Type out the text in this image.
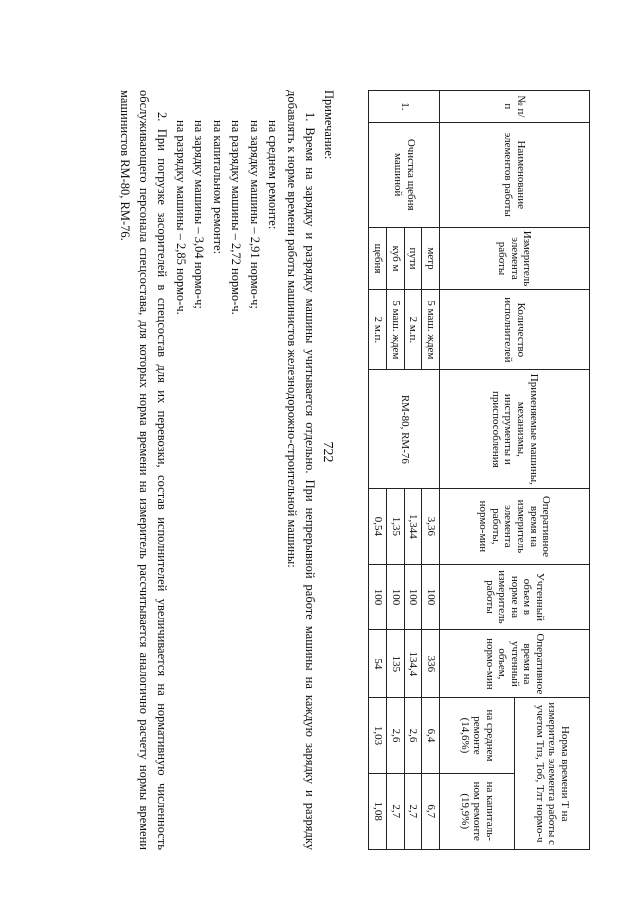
722
№ п/п	Наименование элементов работы	Измеритель элемента работы	Количество исполнителей	Применяемые машины, механизмы, инструменты и приспособления	Оперативное время на измеритель элемента работы, нормо-мин	Учтенный объем в норме на измеритель работы	Оперативное время на учтенный объем, нормо-мин	Норма времени Т на измеритель элемента работы с учетом Тпз, Тоб, Тлт нормо-ч	
								на среднем ремонте (14,6%)	на капиталь-ном ремонте (19,9%)
1.	Очистка щебня машиной	метр	5 маш. ждем	RM-80, RM-76	3,36	100	336	6,4	6,7
		пути	2 м.п.		1,344	100	134,4	2,6	2,7
		куб м	5 маш. ждем		1,35	100	135	2,6	2,7
		щебня	2 м.п.		0,54	100	54	1,03	1,08

Примечание:

1. Время на зарядку и разрядку машины учитывается отдельно. При непрерывной работе машины на каждую зарядку и разрядку добавлять к норме времени работы машинистов железнодорожно-строительной машины:

на среднем ремонте:

на зарядку машины – 2,91 нормо-ч;

на разрядку машины – 2,72 нормо-ч.

на капитальном ремонте:

на зарядку машины – 3,04 нормо-ч;

на разрядку машины – 2,85 нормо-ч.

2. При погрузке засорителей в спецсостав для их перевозки, состав исполнителей увеличивается на нормативную численность обслуживающего персонала спецсостава, для которых норма времени на измеритель рассчитывается аналогично расчету нормы времени машинистов RM-80, RM-76.
